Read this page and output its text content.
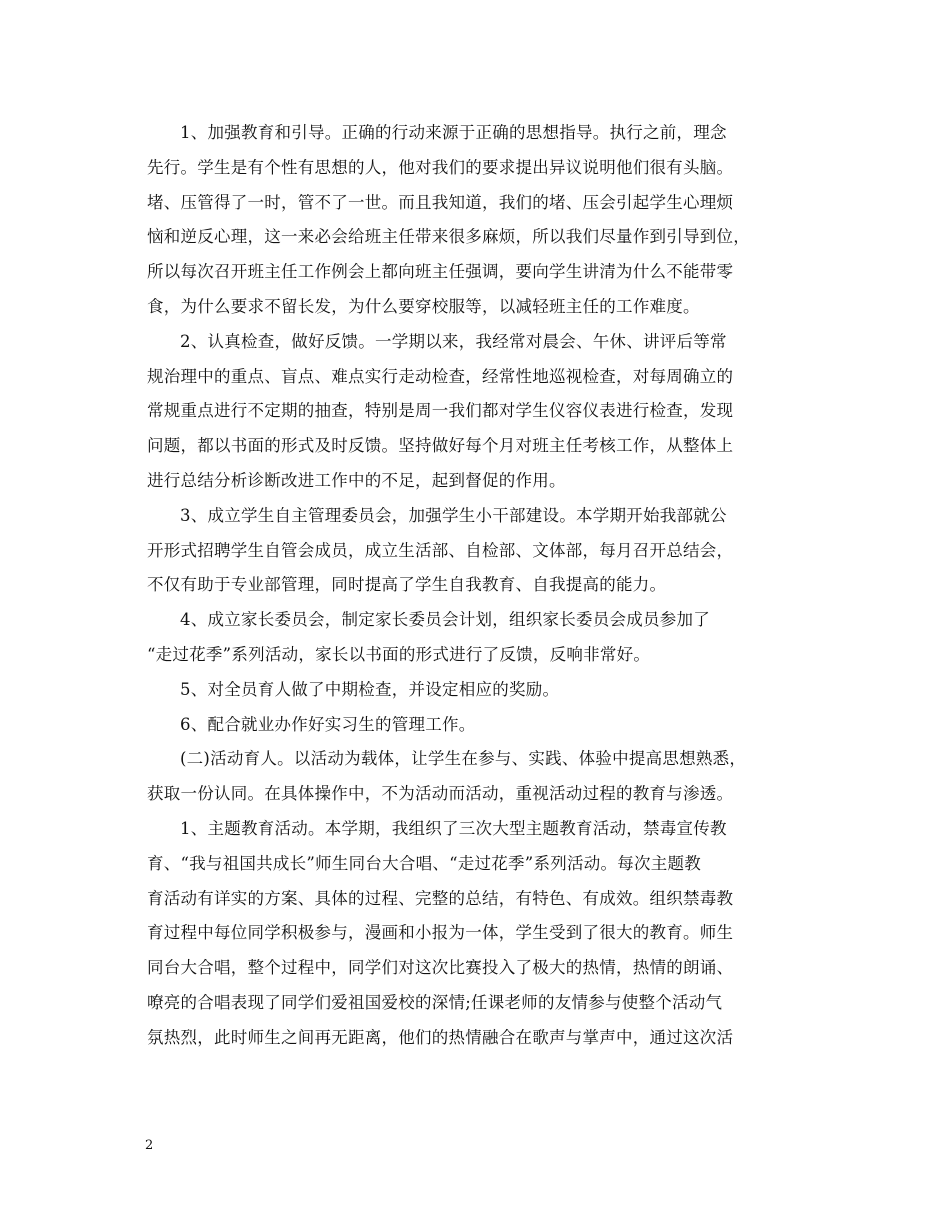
1、加强教育和引导。正确的行动来源于正确的思想指导。执行之前，理念
先行。学生是有个性有思想的人，他对我们的要求提出异议说明他们很有头脑。
堵、压管得了一时，管不了一世。而且我知道，我们的堵、压会引起学生心理烦
恼和逆反心理，这一来必会给班主任带来很多麻烦，所以我们尽量作到引导到位，
所以每次召开班主任工作例会上都向班主任强调，要向学生讲清为什么不能带零
食，为什么要求不留长发，为什么要穿校服等，以减轻班主任的工作难度。
2、认真检查，做好反馈。一学期以来，我经常对晨会、午休、讲评后等常
规治理中的重点、盲点、难点实行走动检查，经常性地巡视检查，对每周确立的
常规重点进行不定期的抽查，特别是周一我们都对学生仪容仪表进行检查，发现
问题，都以书面的形式及时反馈。坚持做好每个月对班主任考核工作，从整体上
进行总结分析诊断改进工作中的不足，起到督促的作用。
3、成立学生自主管理委员会，加强学生小干部建设。本学期开始我部就公
开形式招聘学生自管会成员，成立生活部、自检部、文体部，每月召开总结会，
不仅有助于专业部管理，同时提高了学生自我教育、自我提高的能力。
4、成立家长委员会，制定家长委员会计划，组织家长委员会成员参加了
“走过花季”系列活动，家长以书面的形式进行了反馈，反响非常好。
5、对全员育人做了中期检查，并设定相应的奖励。
6、配合就业办作好实习生的管理工作。
(二)活动育人。以活动为载体，让学生在参与、实践、体验中提高思想熟悉，
获取一份认同。在具体操作中，不为活动而活动，重视活动过程的教育与渗透。
1、主题教育活动。本学期，我组织了三次大型主题教育活动，禁毒宣传教
育、“我与祖国共成长”师生同台大合唱、“走过花季”系列活动。每次主题教
育活动有详实的方案、具体的过程、完整的总结，有特色、有成效。组织禁毒教
育过程中每位同学积极参与，漫画和小报为一体，学生受到了很大的教育。师生
同台大合唱，整个过程中，同学们对这次比赛投入了极大的热情，热情的朗诵、
嘹亮的合唱表现了同学们爱祖国爱校的深情;任课老师的友情参与使整个活动气
氛热烈，此时师生之间再无距离，他们的热情融合在歌声与掌声中，通过这次活
2
